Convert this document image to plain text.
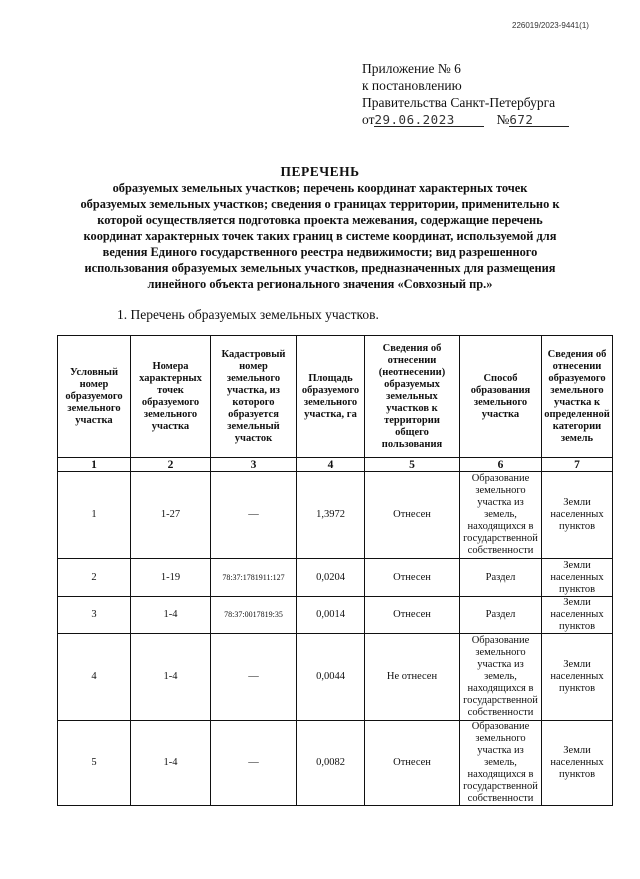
226019/2023-9441(1)
Приложение № 6
к постановлению
Правительства Санкт-Петербурга
от 29.06.2023	№ 672
ПЕРЕЧЕНЬ
образуемых земельных участков; перечень координат характерных точек образуемых земельных участков; сведения о границах территории, применительно к которой осуществляется подготовка проекта межевания, содержащие перечень координат характерных точек таких границ в системе координат, используемой для ведения Единого государственного реестра недвижимости; вид разрешенного использования образуемых земельных участков, предназначенных для размещения линейного объекта регионального значения «Совхозный пр.»
1. Перечень образуемых земельных участков.
Условный номер образуемого земельного участка	Номера характерных точек образуемого земельного участка	Кадастровый номер земельного участка, из которого образуется земельный участок	Площадь образуемого земельного участка, га	Сведения об отнесении (неотнесении) образуемых земельных участков к территории общего пользования	Способ образования земельного участка	Сведения об отнесении образуемого земельного участка к определенной категории земель
1	2	3	4	5	6	7
1	1-27	—	1,3972	Отнесен	Образование земельного участка из земель, находящихся в государственной собственности	Земли населенных пунктов
2	1-19	78:37:1781911:127	0,0204	Отнесен	Раздел	Земли населенных пунктов
3	1-4	78:37:0017819:35	0,0014	Отнесен	Раздел	Земли населенных пунктов
4	1-4	—	0,0044	Не отнесен	Образование земельного участка из земель, находящихся в государственной собственности	Земли населенных пунктов
5	1-4	—	0,0082	Отнесен	Образование земельного участка из земель, находящихся в государственной собственности	Земли населенных пунктов
